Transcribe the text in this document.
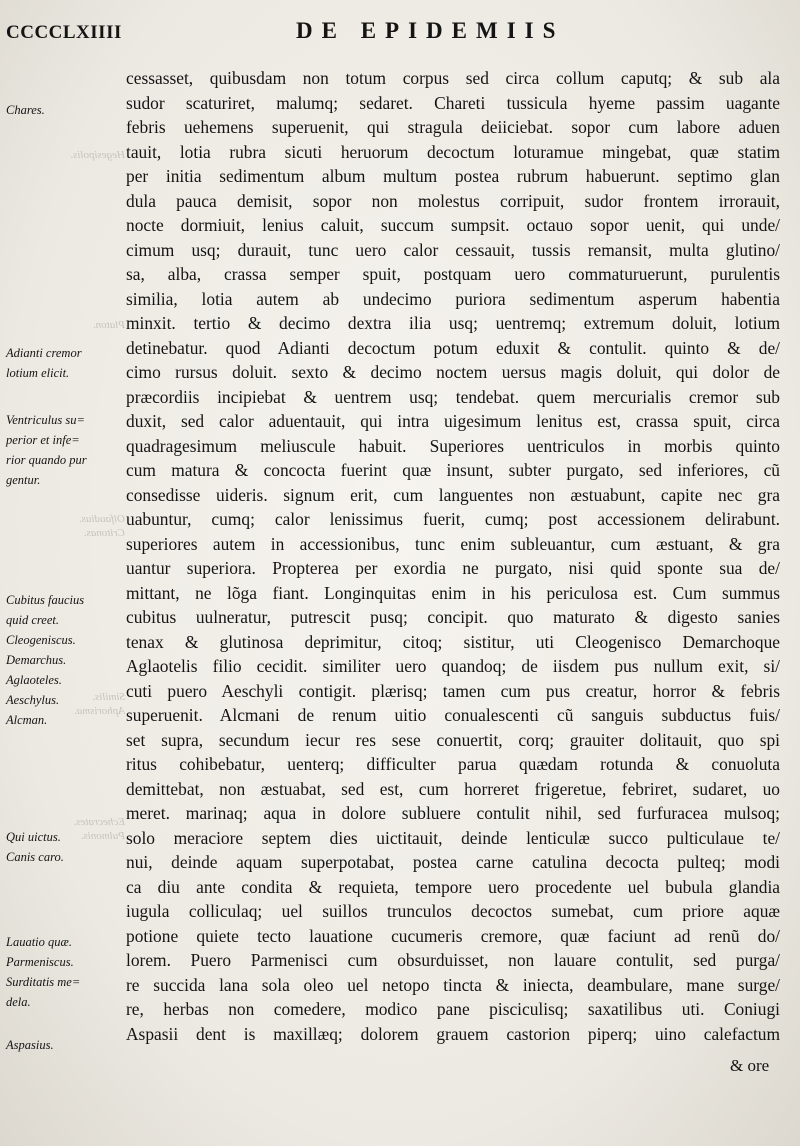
CCCCLXIIII	DE EPIDEMIIS
Hegesipolis.
Platon.
Olfaudius.
Critonas.
Similis.
Aphorisma.
Echecrates.
Pulmonis.
Chares.
Adianti cremor
lotium elicit.
Ventriculus su=
perior et infe=
rior quando pur
gentur.
Cubitus faucius
quid creet.
Cleogeniscus.
Demarchus.
Aglaoteles.
Aeschylus.
Alcman.
Qui uictus.
Canis caro.
Lauatio quæ.
Parmeniscus.
Surditatis me=
dela.
Aspasius.
cessasset, quibusdam non totum corpus sed circa collum caputq; & sub ala
sudor scaturiret, malumq; sedaret. Chareti tussicula hyeme passim uagante
febris uehemens superuenit, qui stragula deiiciebat. sopor cum labore aduen
tauit, lotia rubra sicuti heruorum decoctum loturamue mingebat, quæ statim
per initia sedimentum album multum postea rubrum habuerunt. septimo glan
dula pauca demisit, sopor non molestus corripuit, sudor frontem irrorauit,
nocte dormiuit, lenius caluit, succum sumpsit. octauo sopor uenit, qui unde/
cimum usq; durauit, tunc uero calor cessauit, tussis remansit, multa glutino/
sa, alba, crassa semper spuit, postquam uero commaturuerunt, purulentis
similia, lotia autem ab undecimo puriora sedimentum asperum habentia
minxit. tertio & decimo dextra ilia usq; uentremq; extremum doluit, lotium
detinebatur. quod Adianti decoctum potum eduxit & contulit. quinto & de/
cimo rursus doluit. sexto & decimo noctem uersus magis doluit, qui dolor de
præcordiis incipiebat & uentrem usq; tendebat. quem mercurialis cremor sub
duxit, sed calor aduentauit, qui intra uigesimum lenitus est, crassa spuit, circa
quadragesimum meliuscule habuit. Superiores uentriculos in morbis quinto
cum matura & concocta fuerint quæ insunt, subter purgato, sed inferiores, cũ
consedisse uideris. signum erit, cum languentes non æstuabunt, capite nec gra
uabuntur, cumq; calor lenissimus fuerit, cumq; post accessionem delirabunt.
superiores autem in accessionibus, tunc enim subleuantur, cum æstuant, & gra
uantur superiora. Propterea per exordia ne purgato, nisi quid sponte sua de/
mittant, ne lõga fiant. Longinquitas enim in his periculosa est. Cum summus
cubitus uulneratur, putrescit pusq; concipit. quo maturato & digesto sanies
tenax & glutinosa deprimitur, citoq; sistitur, uti Cleogenisco Demarchoque
Aglaotelis filio cecidit. similiter uero quandoq; de iisdem pus nullum exit, si/
cuti puero Aeschyli contigit. plærisq; tamen cum pus creatur, horror & febris
superuenit. Alcmani de renum uitio conualescenti cũ sanguis subductus fuis/
set supra, secundum iecur res sese conuertit, corq; grauiter dolitauit, quo spi
ritus cohibebatur, uenterq; difficulter parua quædam rotunda & conuoluta
demittebat, non æstuabat, sed est, cum horreret frigeretue, febriret, sudaret, uo
meret. marinaq; aqua in dolore subluere contulit nihil, sed furfuracea mulsoq;
solo meraciore septem dies uictitauit, deinde lenticulæ succo pulticulaue te/
nui, deinde aquam superpotabat, postea carne catulina decocta pulteq; modi
ca diu ante condita & requieta, tempore uero procedente uel bubula glandia
iugula colliculaq; uel suillos trunculos decoctos sumebat, cum priore aquæ
potione quiete tecto lauatione cucumeris cremore, quæ faciunt ad renũ do/
lorem. Puero Parmenisci cum obsurduisset, non lauare contulit, sed purga/
re succida lana sola oleo uel netopo tincta & iniecta, deambulare, mane surge/
re, herbas non comedere, modico pane pisciculisq; saxatilibus uti. Coniugi
Aspasii dent is maxillæq; dolorem grauem castorion piperq; uino calefactum
& ore
